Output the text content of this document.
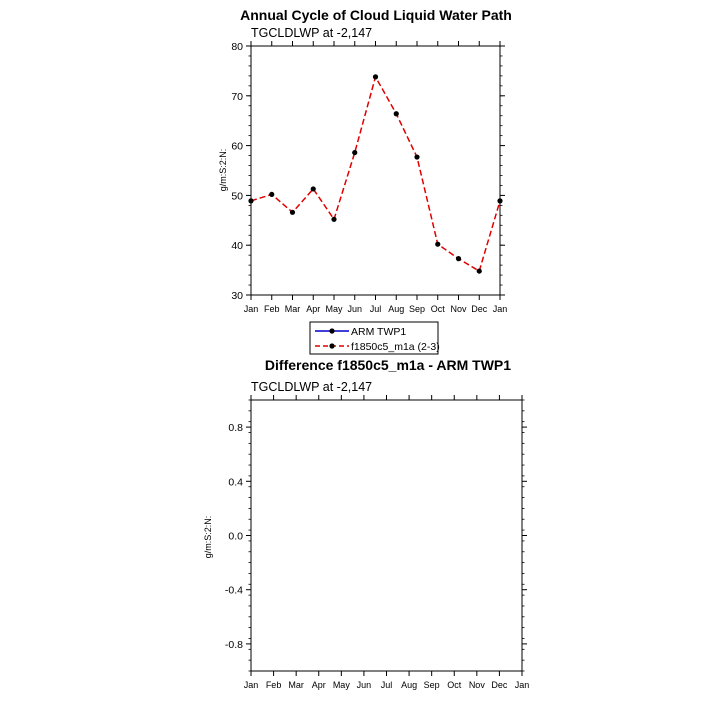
Annual Cycle of Cloud Liquid Water Path
TGCLDLWP at -2,147
g/m:S:2:N:
30
40
50
60
70
80
Jan Feb Mar Apr May Jun Jul Aug Sep Oct Nov Dec Jan
ARM TWP1
f1850c5_m1a (2-3)
Difference f1850c5_m1a - ARM TWP1
TGCLDLWP at -2,147
g/m:S:2:N:
-0.8
-0.4
0.0
0.4
0.8
Jan Feb Mar Apr May Jun Jul Aug Sep Oct Nov Dec Jan
